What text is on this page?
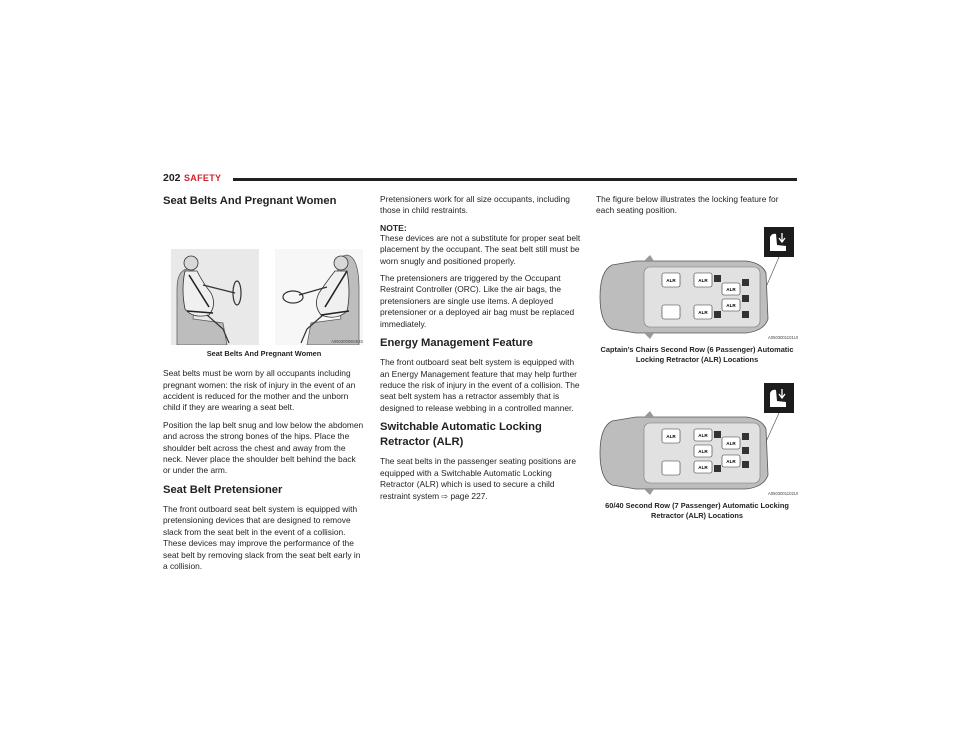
202 SAFETY
Seat Belts And Pregnant Women
A0503000603US
Seat Belts And Pregnant Women

Seat belts must be worn by all occupants including pregnant women: the risk of injury in the event of an accident is reduced for the mother and the unborn child if they are wearing a seat belt.

Position the lap belt snug and low below the abdomen and across the strong bones of the hips. Place the shoulder belt across the chest and away from the neck. Never place the shoulder belt behind the back or under the arm.

Seat Belt Pretensioner

The front outboard seat belt system is equipped with pretensioning devices that are designed to remove slack from the seat belt in the event of a collision. These devices may improve the performance of the seat belt by removing slack from the seat belt early in a collision.

Pretensioners work for all size occupants, including those in child restraints.

NOTE:

These devices are not a substitute for proper seat belt placement by the occupant. The seat belt still must be worn snugly and positioned properly.

The pretensioners are triggered by the Occupant Restraint Controller (ORC). Like the air bags, the pretensioners are single use items. A deployed pretensioner or a deployed air bag must be replaced immediately.

Energy Management Feature

The front outboard seat belt system is equipped with an Energy Management feature that may help further reduce the risk of injury in the event of a collision. The seat belt system has a retractor assembly that is designed to release webbing in a controlled manner.

Switchable Automatic Locking Retractor (ALR)

The seat belts in the passenger seating positions are equipped with a Switchable Automatic Locking Retractor (ALR) which is used to secure a child restraint system ⇨ page 227.

The figure below illustrates the locking feature for each seating position.

ALR	ALR
ALR
ALR
ALR
A0503001101US
Captain’s Chairs Second Row (6 Passenger) Automatic Locking Retractor (ALR) Locations
ALR	ALR
ALR
ALR
ALR
ALR
A0503001102US
60/40 Second Row (7 Passenger) Automatic Locking Retractor (ALR) Locations
